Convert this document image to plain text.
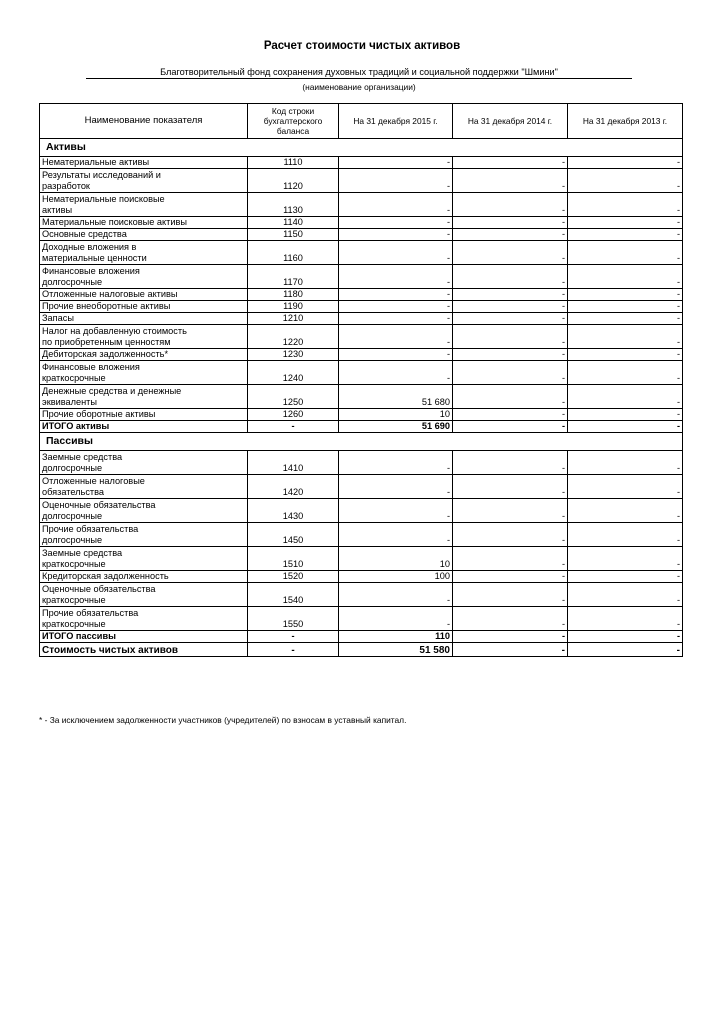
Расчет стоимости чистых активов
Благотворительный фонд сохранения духовных традиций и социальной поддержки "Шмини"
(наименование организации)
Наименование показателя	Код строки
бухгалтерского
баланса	На 31 декабря 2015 г.	На 31 декабря 2014 г.	На 31 декабря 2013 г.
Активы				
Нематериальные активы	1110	-	-	-
Результаты исследований и
разработок	1120	-	-	-
Нематериальные поисковые
активы	1130	-	-	-
Материальные поисковые активы	1140	-	-	-
Основные средства	1150	-	-	-
Доходные вложения в
материальные ценности	1160	-	-	-
Финансовые вложения
долгосрочные	1170	-	-	-
Отложенные налоговые активы	1180	-	-	-
Прочие внеоборотные активы	1190	-	-	-
Запасы	1210	-	-	-
Налог на добавленную стоимость
по приобретенным ценностям	1220	-	-	-
Дебиторская задолженность*	1230	-	-	-
Финансовые вложения
краткосрочные	1240	-	-	-
Денежные средства и денежные
эквиваленты	1250	51 680	-	-
Прочие оборотные активы	1260	10	-	-
ИТОГО активы	-	51 690	-	-
Пассивы				
Заемные средства
долгосрочные	1410	-	-	-
Отложенные налоговые
обязательства	1420	-	-	-
Оценочные обязательства
долгосрочные	1430	-	-	-
Прочие обязательства
долгосрочные	1450	-	-	-
Заемные средства
краткосрочные	1510	10	-	-
Кредиторская задолженность	1520	100	-	-
Оценочные обязательства
краткосрочные	1540	-	-	-
Прочие обязательства
краткосрочные	1550	-	-	-
ИТОГО пассивы	-	110	-	-
Стоимость чистых активов	-	51 580	-	-
* - За исключением задолженности участников (учредителей) по взносам в уставный капитал.
